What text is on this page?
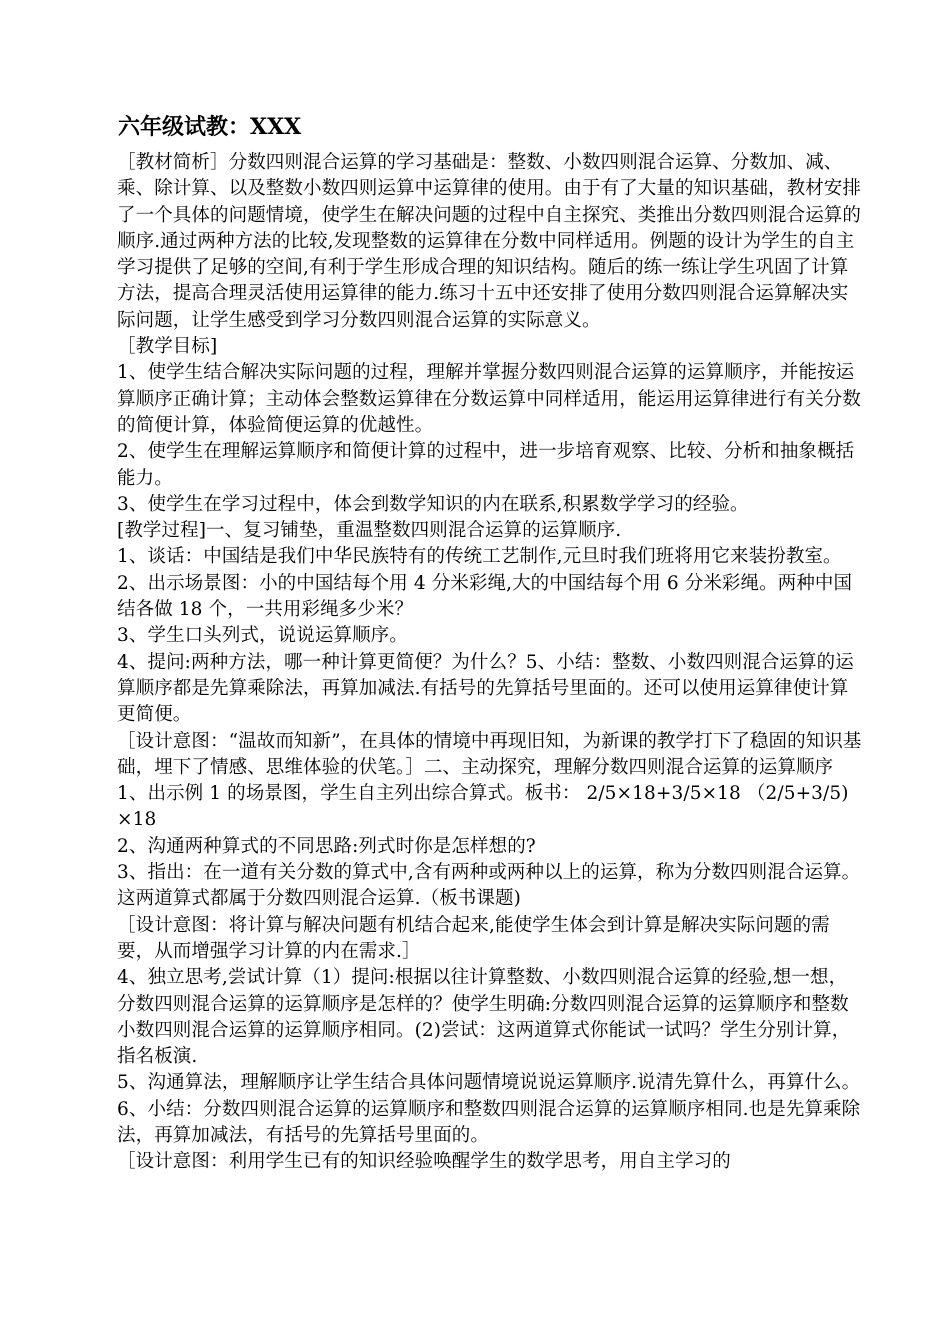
六年级试教：XXX

［教材简析］分数四则混合运算的学习基础是：整数、小数四则混合运算、分数加、减、乘、除计算、以及整数小数四则运算中运算律的使用。由于有了大量的知识基础，教材安排了一个具体的问题情境，使学生在解决问题的过程中自主探究、类推出分数四则混合运算的顺序.通过两种方法的比较,发现整数的运算律在分数中同样适用。例题的设计为学生的自主学习提供了足够的空间,有利于学生形成合理的知识结构。随后的练一练让学生巩固了计算方法，提高合理灵活使用运算律的能力.练习十五中还安排了使用分数四则混合运算解决实际问题，让学生感受到学习分数四则混合运算的实际意义。

［教学目标]

1、使学生结合解决实际问题的过程，理解并掌握分数四则混合运算的运算顺序，并能按运算顺序正确计算；主动体会整数运算律在分数运算中同样适用，能运用运算律进行有关分数的简便计算，体验简便运算的优越性。

2、使学生在理解运算顺序和简便计算的过程中，进一步培育观察、比较、分析和抽象概括能力。

3、使学生在学习过程中，体会到数学知识的内在联系,积累数学学习的经验。

[教学过程]一、复习铺垫，重温整数四则混合运算的运算顺序.

1、谈话：中国结是我们中华民族特有的传统工艺制作,元旦时我们班将用它来装扮教室。

2、出示场景图：小的中国结每个用 4 分米彩绳,大的中国结每个用 6 分米彩绳。两种中国结各做 18 个，一共用彩绳多少米？

3、学生口头列式，说说运算顺序。

4、提问:两种方法，哪一种计算更简便？为什么？5、小结：整数、小数四则混合运算的运算顺序都是先算乘除法，再算加减法.有括号的先算括号里面的。还可以使用运算律使计算更简便。

［设计意图：“温故而知新”，在具体的情境中再现旧知，为新课的教学打下了稳固的知识基础，埋下了情感、思维体验的伏笔。］二、主动探究，理解分数四则混合运算的运算顺序

1、出示例 1 的场景图，学生自主列出综合算式。板书： 2/5×18+3/5×18 （2/5+3/5)×18

2、沟通两种算式的不同思路:列式时你是怎样想的?

3、指出：在一道有关分数的算式中,含有两种或两种以上的运算，称为分数四则混合运算。这两道算式都属于分数四则混合运算.（板书课题)

［设计意图：将计算与解决问题有机结合起来,能使学生体会到计算是解决实际问题的需要，从而增强学习计算的内在需求.］

4、独立思考,尝试计算（1）提问:根据以往计算整数、小数四则混合运算的经验,想一想，分数四则混合运算的运算顺序是怎样的？使学生明确:分数四则混合运算的运算顺序和整数小数四则混合运算的运算顺序相同。(2)尝试：这两道算式你能试一试吗？学生分别计算，指名板演.

5、沟通算法，理解顺序让学生结合具体问题情境说说运算顺序.说清先算什么，再算什么。

6、小结：分数四则混合运算的运算顺序和整数四则混合运算的运算顺序相同.也是先算乘除法，再算加减法，有括号的先算括号里面的。

［设计意图：利用学生已有的知识经验唤醒学生的数学思考，用自主学习的
